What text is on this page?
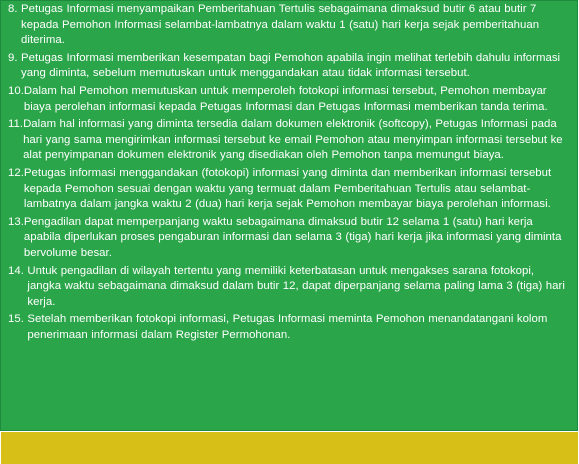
8.
Petugas Informasi menyampaikan Pemberitahuan Tertulis sebagaimana dimaksud butir 6 atau butir 7 kepada Pemohon Informasi selambat-lambatnya dalam waktu 1 (satu) hari kerja sejak pemberitahuan diterima.
9.
Petugas Informasi memberikan kesempatan bagi Pemohon apabila ingin melihat terlebih dahulu informasi yang diminta, sebelum memutuskan untuk menggandakan atau tidak informasi tersebut.
10. Dalam hal Pemohon memutuskan untuk memperoleh fotokopi informasi tersebut, Pemohon membayar biaya perolehan informasi kepada Petugas Informasi dan Petugas Informasi memberikan tanda terima.
11. Dalam hal informasi yang diminta tersedia dalam dokumen elektronik (softcopy), Petugas Informasi pada hari yang sama mengirimkan informasi tersebut ke email Pemohon atau menyimpan informasi tersebut ke alat penyimpanan dokumen elektronik yang disediakan oleh Pemohon tanpa memungut biaya.
12. Petugas informasi menggandakan (fotokopi) informasi yang diminta dan memberikan informasi tersebut kepada Pemohon sesuai dengan waktu yang termuat dalam Pemberitahuan Tertulis atau selambat-lambatnya dalam jangka waktu 2 (dua) hari kerja sejak Pemohon membayar biaya perolehan informasi.
13. Pengadilan dapat memperpanjang waktu sebagaimana dimaksud butir 12 selama 1 (satu) hari kerja apabila diperlukan proses pengaburan informasi dan selama 3 (tiga) hari kerja jika informasi yang diminta bervolume besar.
14.
Untuk pengadilan di wilayah tertentu yang memiliki keterbatasan untuk mengakses sarana fotokopi, jangka waktu sebagaimana dimaksud dalam butir 12, dapat diperpanjang selama paling lama 3 (tiga) hari kerja.
15.
Setelah memberikan fotokopi informasi, Petugas Informasi meminta Pemohon menandatangani kolom penerimaan informasi dalam Register Permohonan.
